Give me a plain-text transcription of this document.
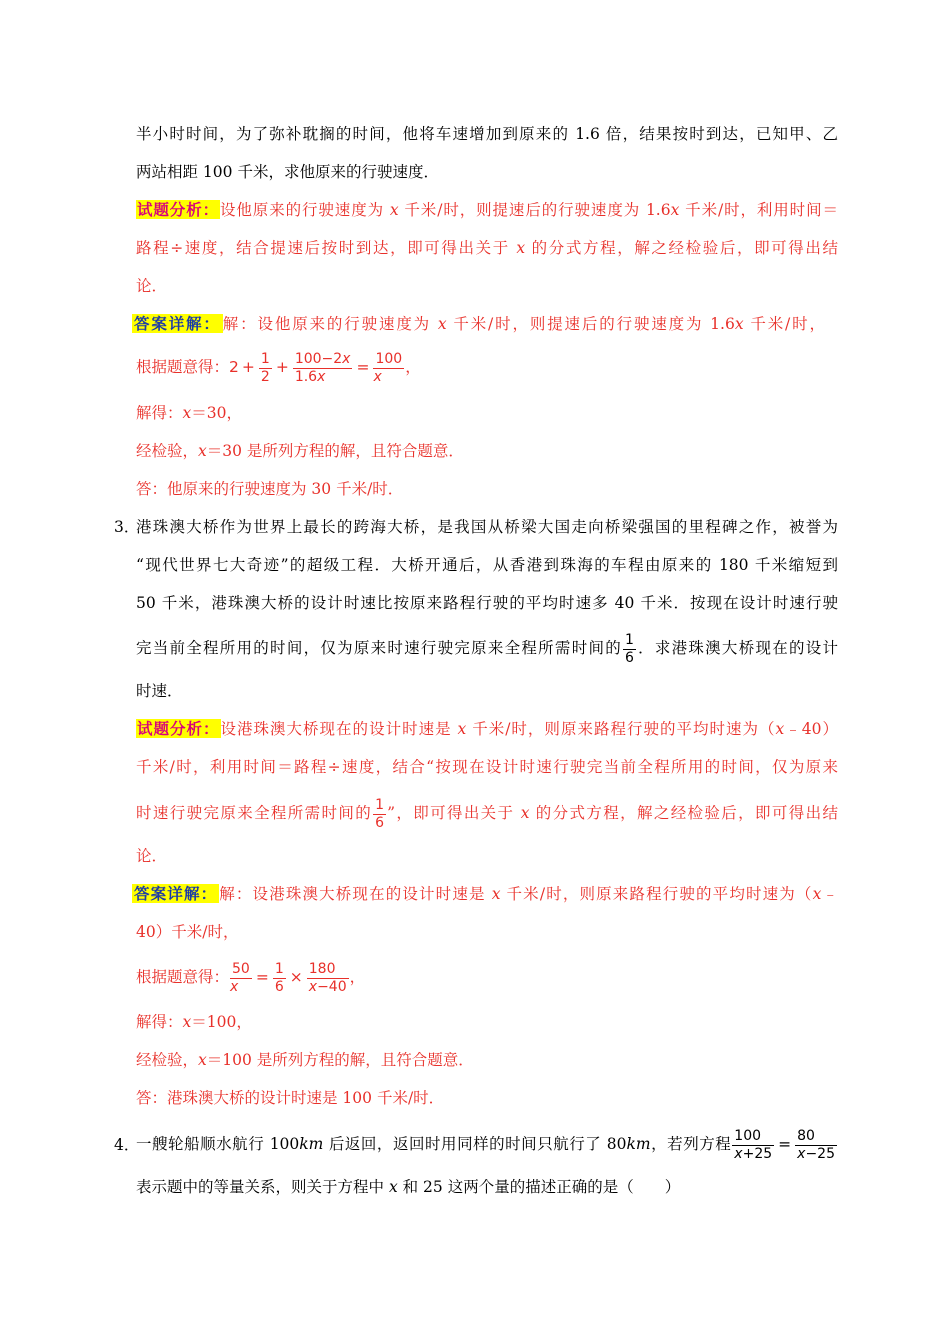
半小时时间，为了弥补耽搁的时间，他将车速增加到原来的 1.6 倍，结果按时到达，已知甲、乙
两站相距 100 千米，求他原来的行驶速度．
试题分析：设他原来的行驶速度为 x 千米/时，则提速后的行驶速度为 1.6x 千米/时，利用时间＝
路程÷速度，结合提速后按时到达，即可得出关于 x 的分式方程，解之经检验后，即可得出结
论．
答案详解： 解：设他原来的行驶速度为 x 千米/时，则提速后的行驶速度为 1.6x 千米/时，
根据题意得：$2 + \frac{1}{2} + \frac{100-2x}{1.6x} = \frac{100}{x}$，
解得：x＝30，
经检验，x＝30 是所列方程的解，且符合题意．
答：他原来的行驶速度为 30 千米/时．
3．
港珠澳大桥作为世界上最长的跨海大桥，是我国从桥梁大国走向桥梁强国的里程碑之作，被誉为
“现代世界七大奇迹”的超级工程．大桥开通后，从香港到珠海的车程由原来的 180 千米缩短到
50 千米，港珠澳大桥的设计时速比按原来路程行驶的平均时速多 40 千米．按现在设计时速行驶
完当前全程所用的时间，仅为原来时速行驶完原来全程所需时间的 $\frac{1}{6}$ ．求港珠澳大桥现在的设计
时速．
试题分析：设港珠澳大桥现在的设计时速是 x 千米/时，则原来路程行驶的平均时速为（x﹣40）
千米/时，利用时间＝路程÷速度，结合“按现在设计时速行驶完当前全程所用的时间，仅为原来
时速行驶完原来全程所需时间的 $\frac{1}{6}$ ”，即可得出关于 x 的分式方程，解之经检验后，即可得出结
论．
答案详解： 解：设港珠澳大桥现在的设计时速是 x 千米/时，则原来路程行驶的平均时速为（x﹣
40）千米/时，
根据题意得： $\frac{50}{x} = \frac{1}{6} \times \frac{180}{x-40}$ ，
解得：x＝100，
经检验，x＝100 是所列方程的解，且符合题意．
答：港珠澳大桥的设计时速是 100 千米/时．
4．
一艘轮船顺水航行 100km 后返回，返回时用同样的时间只航行了 80km，若列方程 $\frac{100}{x+25} = \frac{80}{x-25}$
表示题中的等量关系，则关于方程中 x 和 25 这两个量的描述正确的是（　　）
